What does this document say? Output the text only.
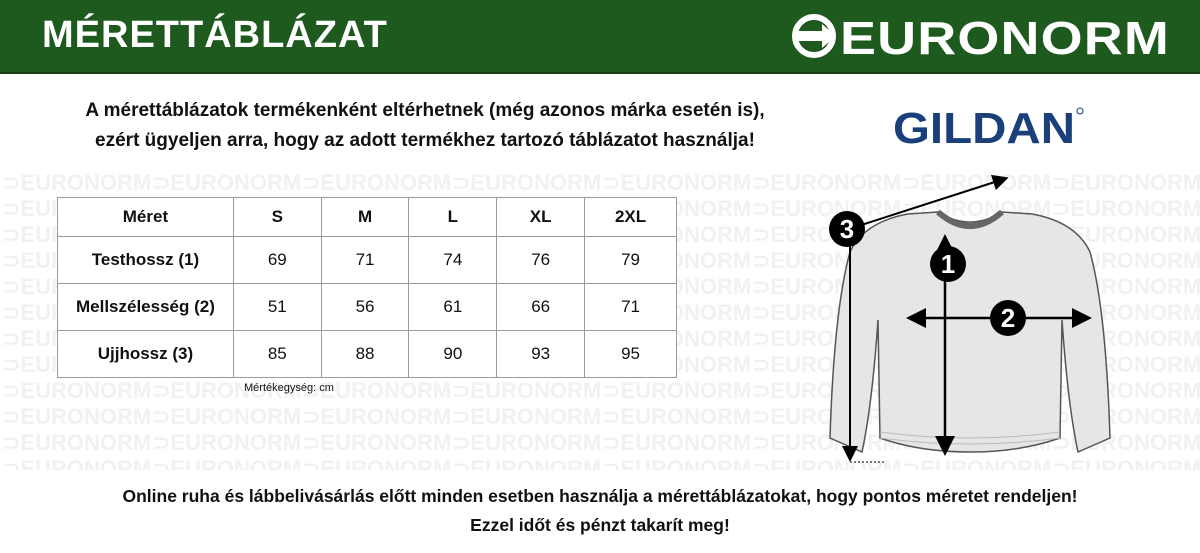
MÉRETTÁBLÁZAT	EURONORM
A mérettáblázatok termékenként eltérhetnek (még azonos márka esetén is),
ezért ügyeljen arra, hogy az adott termékhez tartozó táblázatot használja!	GILDAN
Méret	S	M	L	XL	2XL
Testhossz (1)	69	71	74	76	79
Mellszélesség (2)	51	56	61	66	71
Ujjhossz (3)	85	88	90	93	95
Mértékegység: cm
1
2
3
Online ruha és lábbelivásárlás előtt minden esetben használja a mérettáblázatokat, hogy pontos méretet rendeljen!
Ezzel időt és pénzt takarít meg!
